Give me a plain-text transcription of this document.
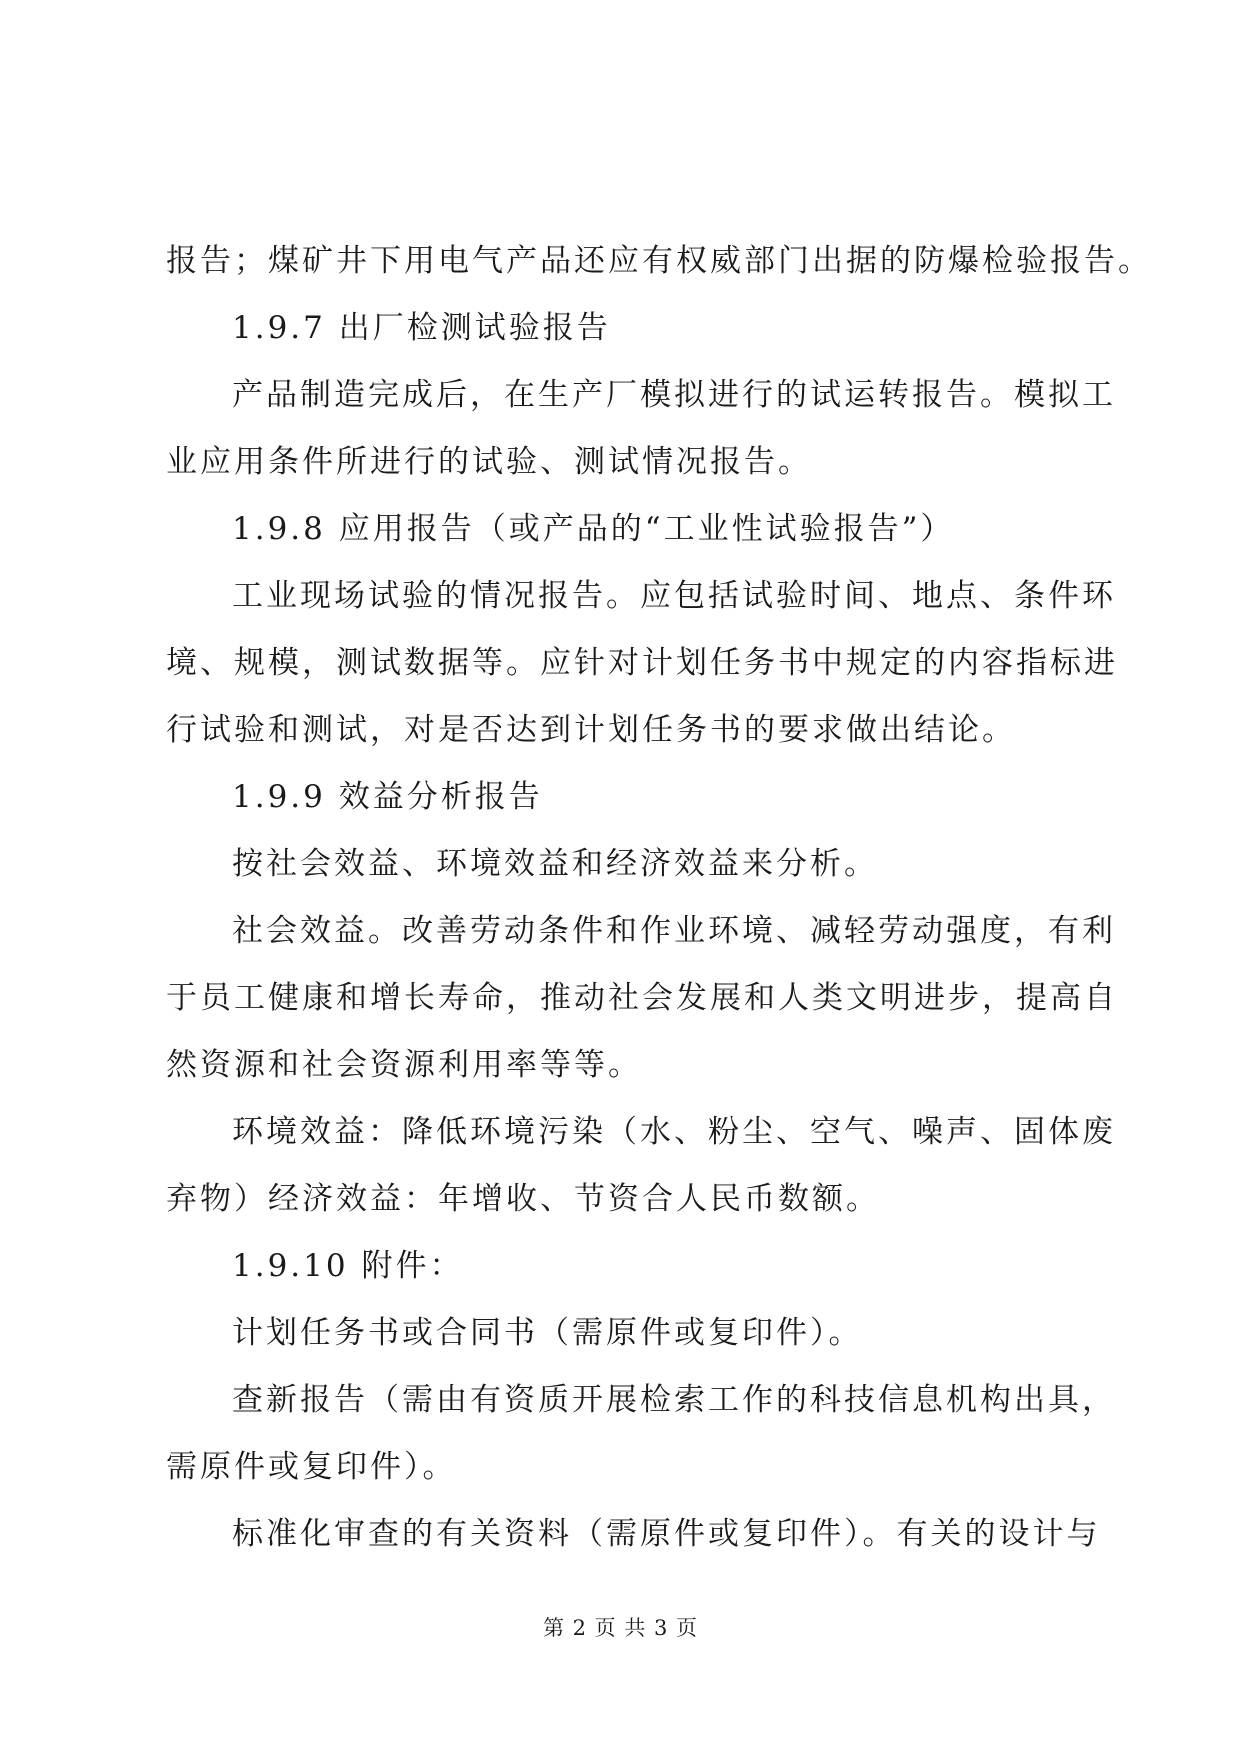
报告；煤矿井下用电气产品还应有权威部门出据的防爆检验报告。
1.9.7 出厂检测试验报告
产品制造完成后，在生产厂模拟进行的试运转报告。模拟工
业应用条件所进行的试验、测试情况报告。
1.9.8 应用报告（或产品的“工业性试验报告”）
工业现场试验的情况报告。应包括试验时间、地点、条件环
境、规模，测试数据等。应针对计划任务书中规定的内容指标进
行试验和测试，对是否达到计划任务书的要求做出结论。
1.9.9 效益分析报告
按社会效益、环境效益和经济效益来分析。
社会效益。改善劳动条件和作业环境、减轻劳动强度，有利
于员工健康和增长寿命，推动社会发展和人类文明进步，提高自
然资源和社会资源利用率等等。
环境效益：降低环境污染（水、粉尘、空气、噪声、固体废
弃物）经济效益：年增收、节资合人民币数额。
1.9.10 附件：
计划任务书或合同书（需原件或复印件）。
查新报告（需由有资质开展检索工作的科技信息机构出具，
需原件或复印件）。
标准化审查的有关资料（需原件或复印件）。有关的设计与
第 2 页 共 3 页
